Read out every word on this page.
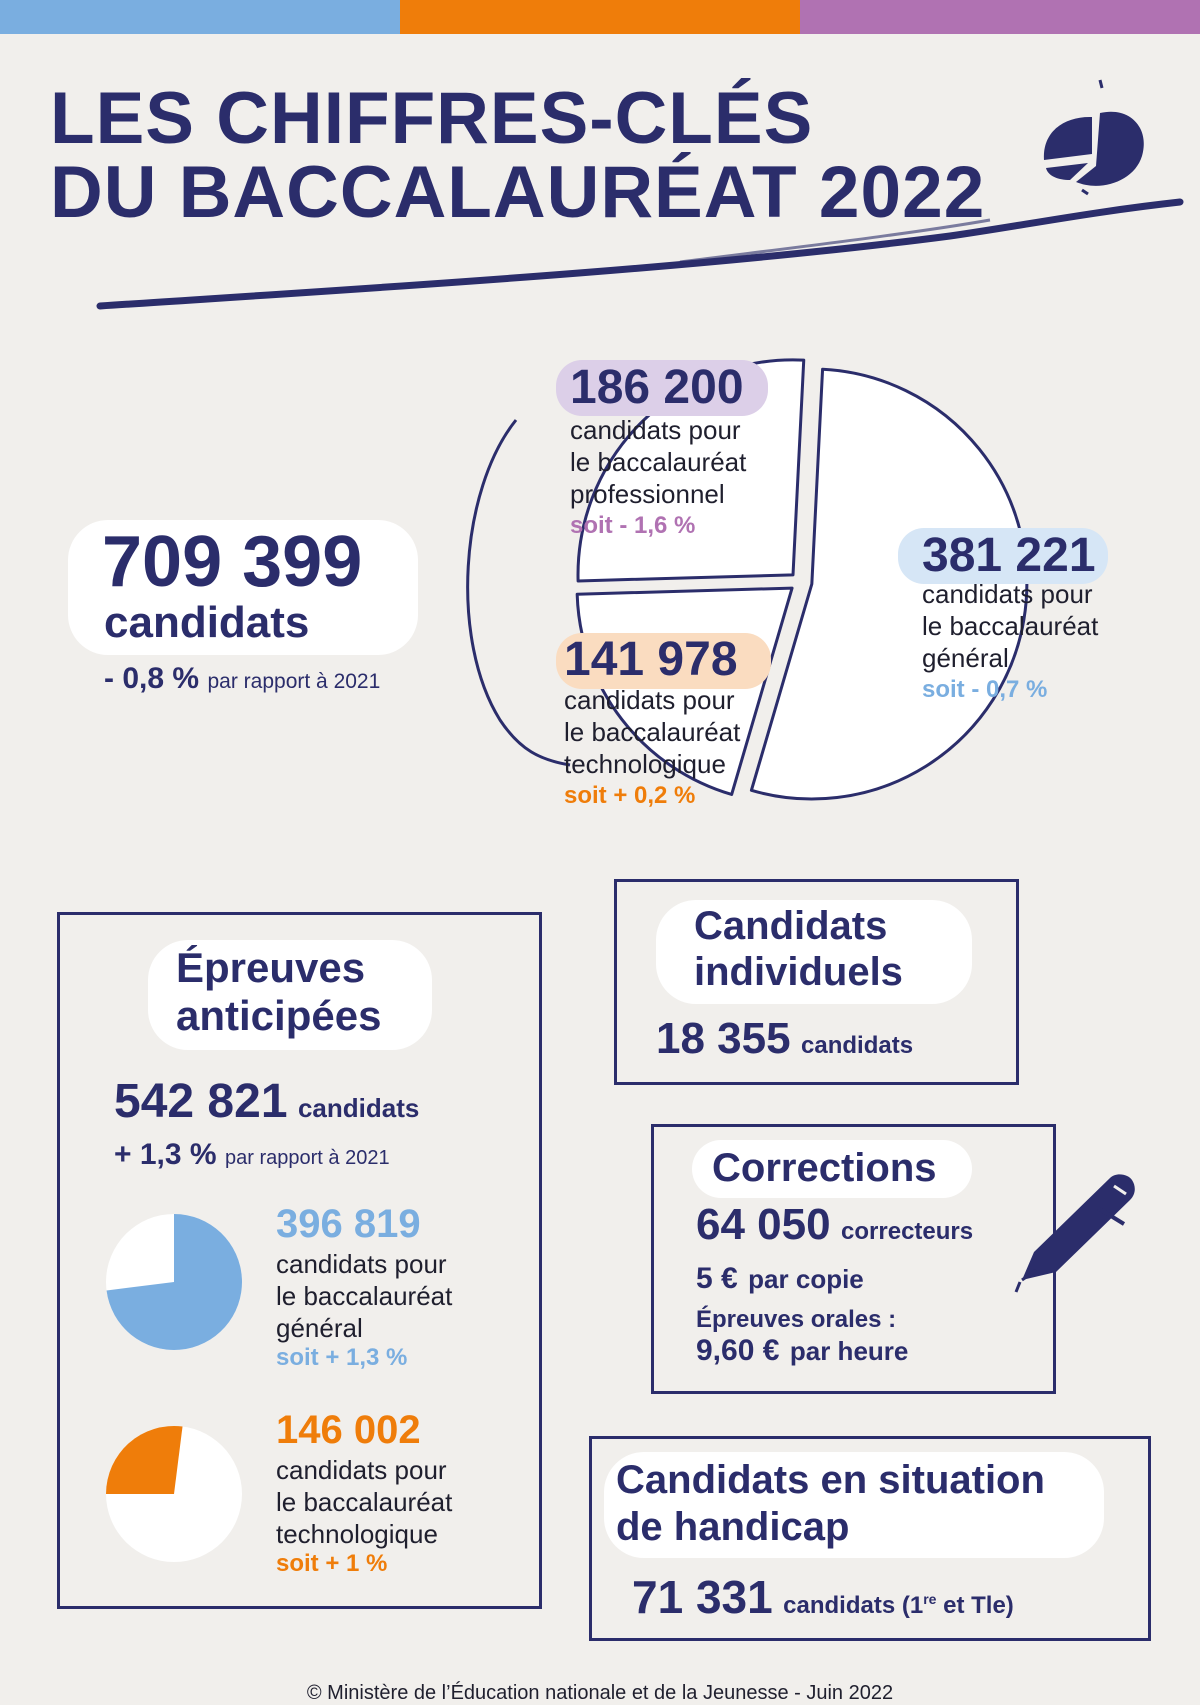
LES CHIFFRES-CLÉS
DU BACCALAURÉAT 2022
709 399
candidats
- 0,8 % par rapport à 2021
186 200
candidats pour
le baccalauréat
professionnel
soit - 1,6 %
381 221
candidats pour
le baccalauréat
général
soit - 0,7 %
141 978
candidats pour
le baccalauréat
technologique
soit + 0,2 %
Épreuves
anticipées
542 821 candidats
+ 1,3 % par rapport à 2021
396 819
candidats pour
le baccalauréat
général
soit + 1,3 %
146 002
candidats pour
le baccalauréat
technologique
soit + 1 %
Candidats
individuels
18 355 candidats
Corrections
64 050 correcteurs
5 € par copie
Épreuves orales :
9,60 € par heure
Candidats en situation
de handicap
71 331 candidats (1re et Tle)
© Ministère de l’Éducation nationale et de la Jeunesse - Juin 2022
